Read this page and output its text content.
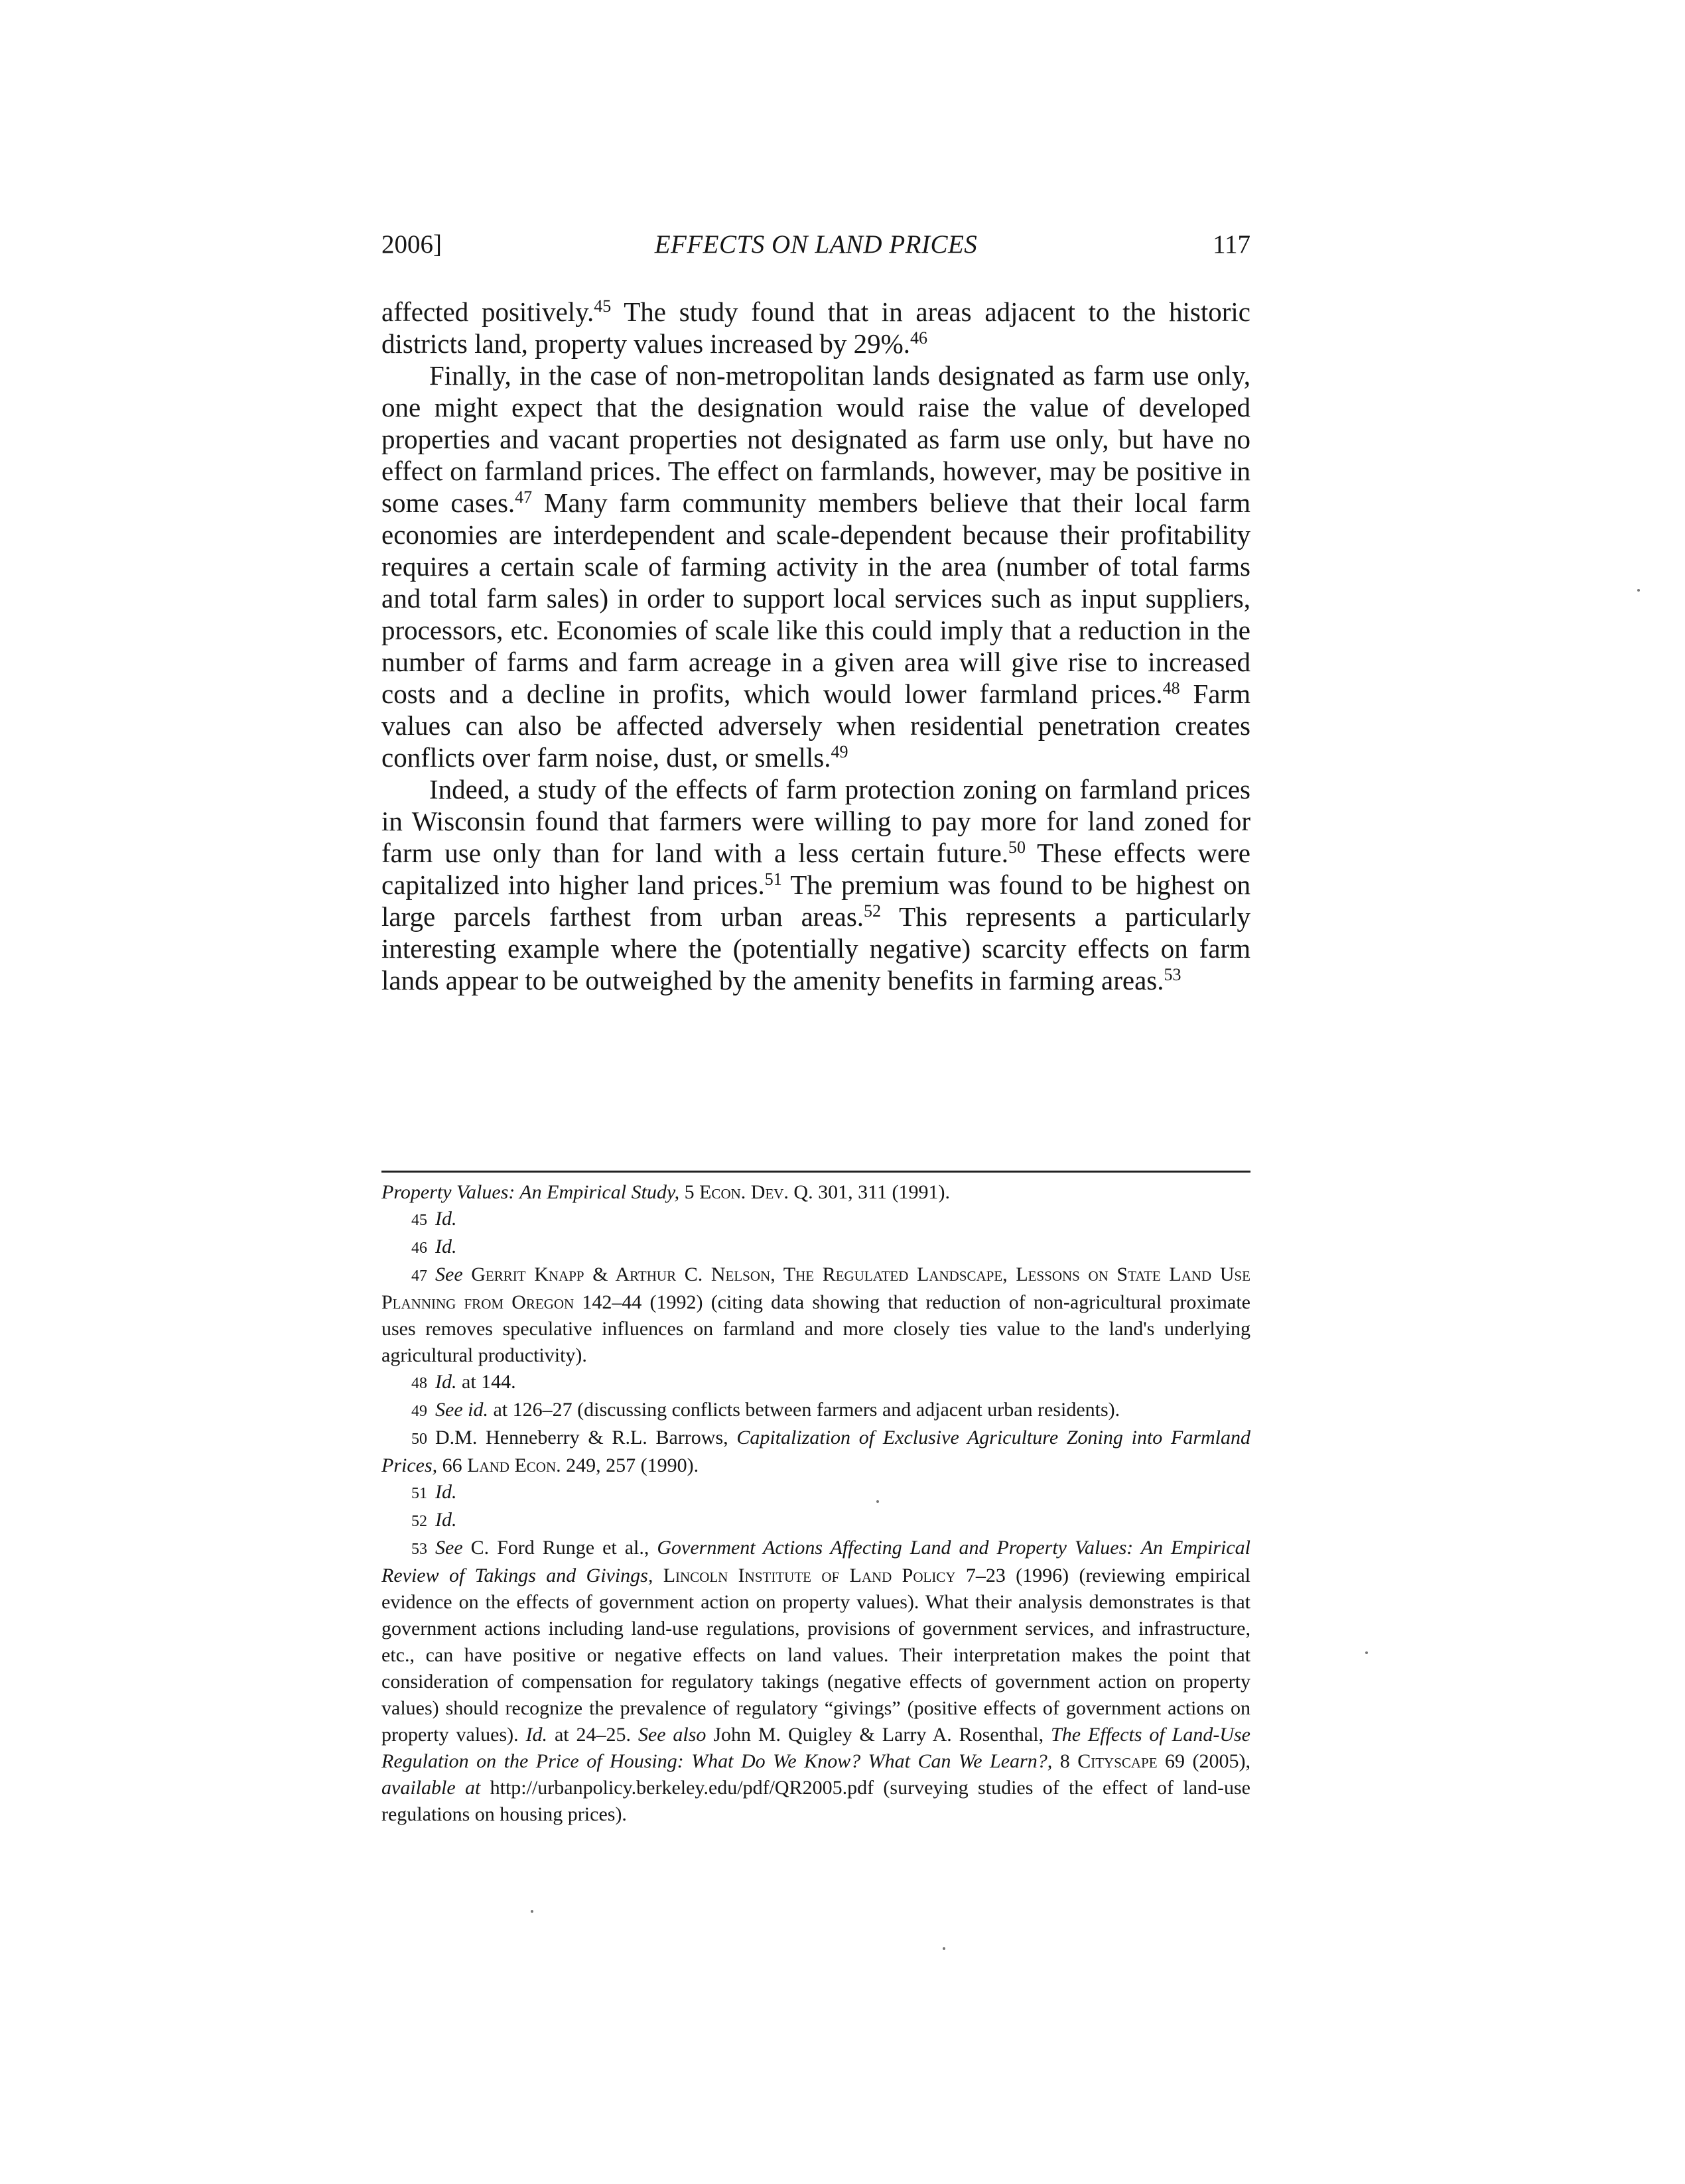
2006]	EFFECTS ON LAND PRICES	117

affected positively.$^{45}$ The study found that in areas adjacent to the historic districts land, property values increased by 29%.$^{46}$

Finally, in the case of non-metropolitan lands designated as farm use only, one might expect that the designation would raise the value of developed properties and vacant properties not designated as farm use only, but have no effect on farmland prices. The effect on farmlands, however, may be positive in some cases.$^{47}$ Many farm community members believe that their local farm economies are interdependent and scale-dependent because their profitability requires a certain scale of farming activity in the area (number of total farms and total farm sales) in order to support local services such as input suppliers, processors, etc. Economies of scale like this could imply that a reduction in the number of farms and farm acreage in a given area will give rise to increased costs and a decline in profits, which would lower farmland prices.$^{48}$ Farm values can also be affected adversely when residential penetration creates conflicts over farm noise, dust, or smells.$^{49}$

Indeed, a study of the effects of farm protection zoning on farmland prices in Wisconsin found that farmers were willing to pay more for land zoned for farm use only than for land with a less certain future.$^{50}$ These effects were capitalized into higher land prices.$^{51}$ The premium was found to be highest on large parcels farthest from urban areas.$^{52}$ This represents a particularly interesting example where the (potentially negative) scarcity effects on farm lands appear to be outweighed by the amenity benefits in farming areas.$^{53}$

Property Values: An Empirical Study, 5 Econ. Dev. Q. 301, 311 (1991).

45 Id.

46 Id.

47 See Gerrit Knapp & Arthur C. Nelson, The Regulated Landscape, Lessons on State Land Use Planning from Oregon 142–44 (1992) (citing data showing that reduction of non-agricultural proximate uses removes speculative influences on farmland and more closely ties value to the land's underlying agricultural productivity).

48 Id. at 144.

49 See id. at 126–27 (discussing conflicts between farmers and adjacent urban residents).

50 D.M. Henneberry & R.L. Barrows, Capitalization of Exclusive Agriculture Zoning into Farmland Prices, 66 Land Econ. 249, 257 (1990).

51 Id.

52 Id.

53 See C. Ford Runge et al., Government Actions Affecting Land and Property Values: An Empirical Review of Takings and Givings, Lincoln Institute of Land Policy 7–23 (1996) (reviewing empirical evidence on the effects of government action on property values). What their analysis demonstrates is that government actions including land-use regulations, provisions of government services, and infrastructure, etc., can have positive or negative effects on land values. Their interpretation makes the point that consideration of compensation for regulatory takings (negative effects of government action on property values) should recognize the prevalence of regulatory “givings” (positive effects of government actions on property values). Id. at 24–25. See also John M. Quigley & Larry A. Rosenthal, The Effects of Land-Use Regulation on the Price of Housing: What Do We Know? What Can We Learn?, 8 Cityscape 69 (2005), available at http://urbanpolicy.berkeley.edu/pdf/QR2005.pdf (surveying studies of the effect of land-use regulations on housing prices).
